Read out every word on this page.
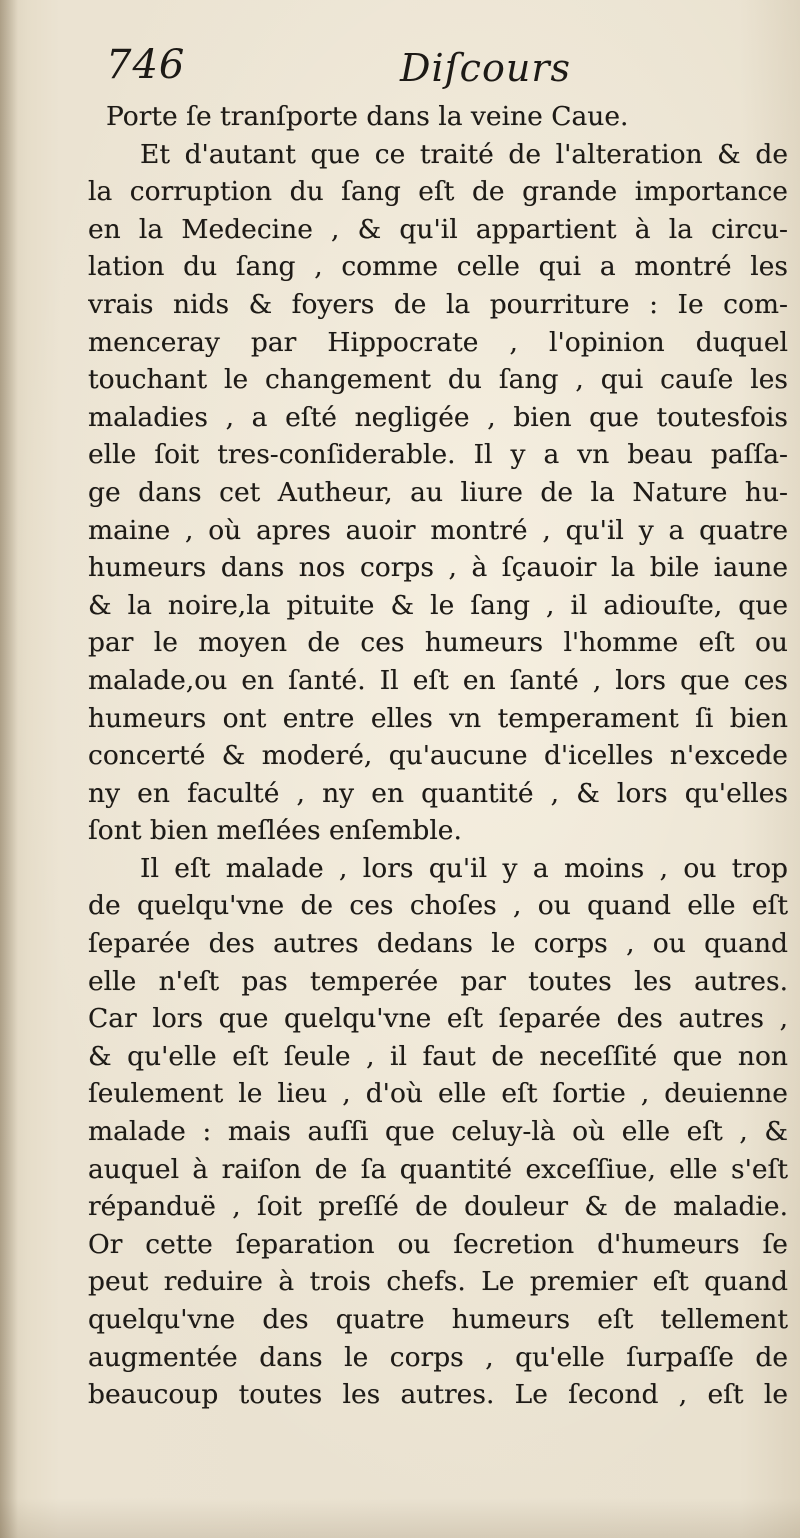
746	Diſcours
Porte ſe tranſporte dans la veine Caue.
Et d'autant que ce traité de l'alteration & de
la corruption du ſang eſt de grande importance
en la Medecine , & qu'il appartient à la circu-
lation du ſang , comme celle qui a montré les
vrais nids & foyers de la pourriture : Ie com-
menceray par Hippocrate , l'opinion duquel
touchant le changement du ſang , qui cauſe les
maladies , a eſté negligée , bien que toutesfois
elle ſoit tres-conſiderable. Il y a vn beau paſſa-
ge dans cet Autheur, au liure de la Nature hu-
maine , où apres auoir montré , qu'il y a quatre
humeurs dans nos corps , à ſçauoir la bile iaune
& la noire,la pituite & le ſang , il adiouſte, que
par le moyen de ces humeurs l'homme eſt ou
malade,ou en ſanté. Il eſt en ſanté , lors que ces
humeurs ont entre elles vn temperament ſi bien
concerté & moderé, qu'aucune d'icelles n'excede
ny en faculté , ny en quantité , & lors qu'elles
ſont bien meſlées enſemble.
Il eſt malade , lors qu'il y a moins , ou trop
de quelqu'vne de ces choſes , ou quand elle eſt
ſeparée des autres dedans le corps , ou quand
elle n'eſt pas temperée par toutes les autres.
Car lors que quelqu'vne eſt ſeparée des autres ,
& qu'elle eſt ſeule , il faut de neceſſité que non
ſeulement le lieu , d'où elle eſt ſortie , deuienne
malade : mais auſſi que celuy-là où elle eſt , &
auquel à raiſon de ſa quantité exceſſiue, elle s'eſt
répanduë , ſoit preſſé de douleur & de maladie.
Or cette ſeparation ou ſecretion d'humeurs ſe
peut reduire à trois chefs. Le premier eſt quand
quelqu'vne des quatre humeurs eſt tellement
augmentée dans le corps , qu'elle ſurpaſſe de
beaucoup toutes les autres. Le ſecond , eſt le
